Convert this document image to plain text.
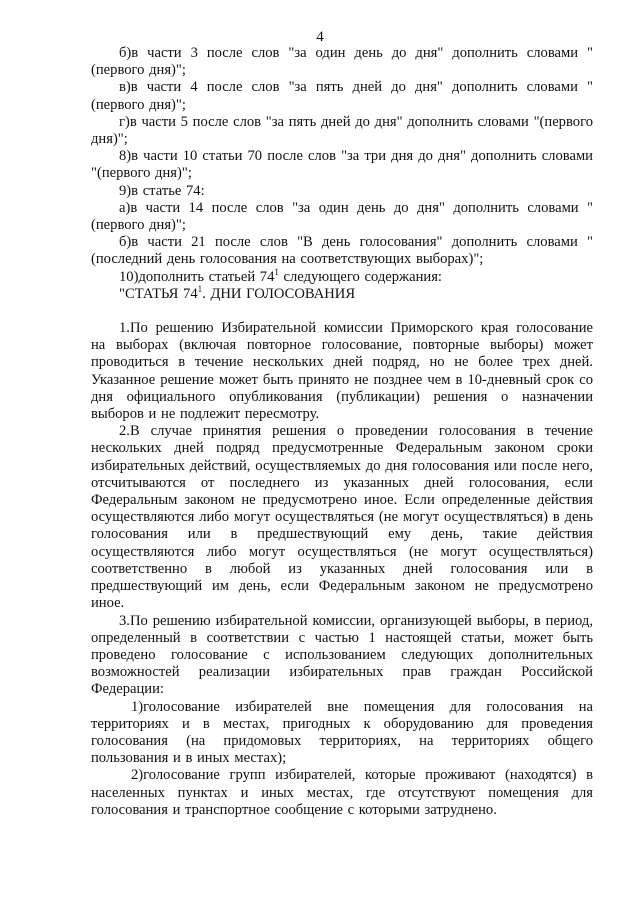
4

б)в части 3 после слов "за один день до дня" дополнить словами "(первого дня)";

в)в части 4 после слов "за пять дней до дня" дополнить словами "(первого дня)";

г)в части 5 после слов "за пять дней до дня" дополнить словами "(первого дня)";

8)в части 10 статьи 70 после слов "за три дня до дня" дополнить словами "(первого дня)";

9)в статье 74:

а)в части 14 после слов "за один день до дня" дополнить словами "(первого дня)";

б)в части 21 после слов "В день голосования" дополнить словами "(последний день голосования на соответствующих выборах)";

10)дополнить статьей $74^1$ следующего содержания:

"СТАТЬЯ $74^1$. ДНИ ГОЛОСОВАНИЯ

1.По решению Избирательной комиссии Приморского края голосование на выборах (включая повторное голосование, повторные выборы) может проводиться в течение нескольких дней подряд, но не более трех дней. Указанное решение может быть принято не позднее чем в 10-дневный срок со дня официального опубликования (публикации) решения о назначении выборов и не подлежит пересмотру.

2.В случае принятия решения о проведении голосования в течение нескольких дней подряд предусмотренные Федеральным законом сроки избирательных действий, осуществляемых до дня голосования или после него, отсчитываются от последнего из указанных дней голосования, если Федеральным законом не предусмотрено иное. Если определенные действия осуществляются либо могут осуществляться (не могут осуществляться) в день голосования или в предшествующий ему день, такие действия осуществляются либо могут осуществляться (не могут осуществляться) соответственно в любой из указанных дней голосования или в предшествующий им день, если Федеральным законом не предусмотрено иное.

3.По решению избирательной комиссии, организующей выборы, в период, определенный в соответствии с частью 1 настоящей статьи, может быть проведено голосование с использованием следующих дополнительных возможностей реализации избирательных прав граждан Российской Федерации:

1)голосование избирателей вне помещения для голосования на территориях и в местах, пригодных к оборудованию для проведения голосования (на придомовых территориях, на территориях общего пользования и в иных местах);

2)голосование групп избирателей, которые проживают (находятся) в населенных пунктах и иных местах, где отсутствуют помещения для голосования и транспортное сообщение с которыми затруднено.
